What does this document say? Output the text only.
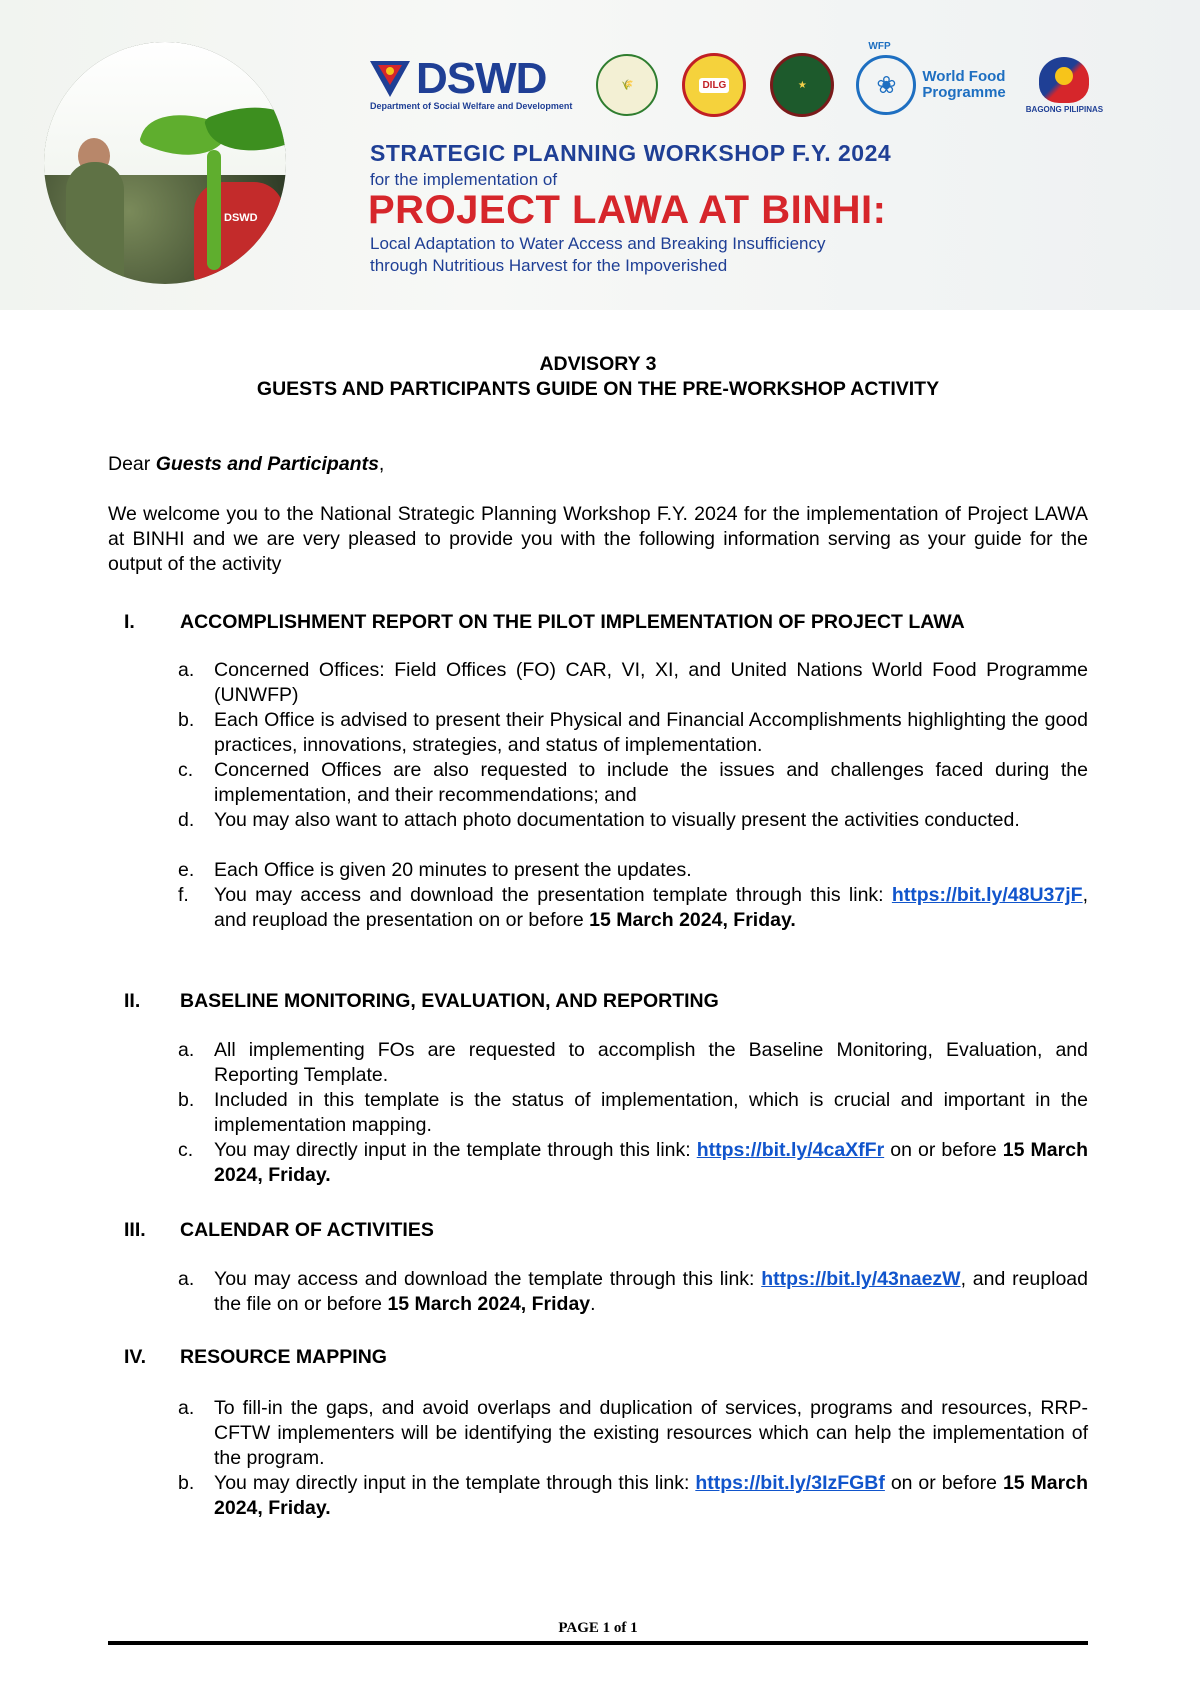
DSWD
DSWD
Department of Social Welfare and Development
🌾	DILG	★
WFP
❀	World Food
Programme
BAGONG PILIPINAS
STRATEGIC PLANNING WORKSHOP F.Y. 2024
for the implementation of
PROJECT LAWA AT BINHI:
Local Adaptation to Water Access and Breaking Insufficiency
through Nutritious Harvest for the Impoverished
ADVISORY 3
GUESTS AND PARTICIPANTS GUIDE ON THE PRE-WORKSHOP ACTIVITY
Dear Guests and Participants,
We welcome you to the National Strategic Planning Workshop F.Y. 2024 for the implementation of Project LAWA at BINHI and we are very pleased to provide you with the following information serving as your guide for the output of the activity
I. ACCOMPLISHMENT REPORT ON THE PILOT IMPLEMENTATION OF PROJECT LAWA
a. Concerned Offices: Field Offices (FO) CAR, VI, XI, and United Nations World Food Programme (UNWFP)
b. Each Office is advised to present their Physical and Financial Accomplishments highlighting the good practices, innovations, strategies, and status of implementation.
c. Concerned Offices are also requested to include the issues and challenges faced during the implementation, and their recommendations; and
d. You may also want to attach photo documentation to visually present the activities conducted.
e. Each Office is given 20 minutes to present the updates.
f. You may access and download the presentation template through this link: https://bit.ly/48U37jF, and reupload the presentation on or before 15 March 2024, Friday.
II. BASELINE MONITORING, EVALUATION, AND REPORTING
a. All implementing FOs are requested to accomplish the Baseline Monitoring, Evaluation, and Reporting Template.
b. Included in this template is the status of implementation, which is crucial and important in the implementation mapping.
c. You may directly input in the template through this link: https://bit.ly/4caXfFr on or before 15 March 2024, Friday.
III. CALENDAR OF ACTIVITIES
a. You may access and download the template through this link: https://bit.ly/43naezW, and reupload the file on or before 15 March 2024, Friday.
IV. RESOURCE MAPPING
a. To fill-in the gaps, and avoid overlaps and duplication of services, programs and resources, RRP-CFTW implementers will be identifying the existing resources which can help the implementation of the program.
b. You may directly input in the template through this link: https://bit.ly/3IzFGBf on or before 15 March 2024, Friday.
PAGE 1 of 1
